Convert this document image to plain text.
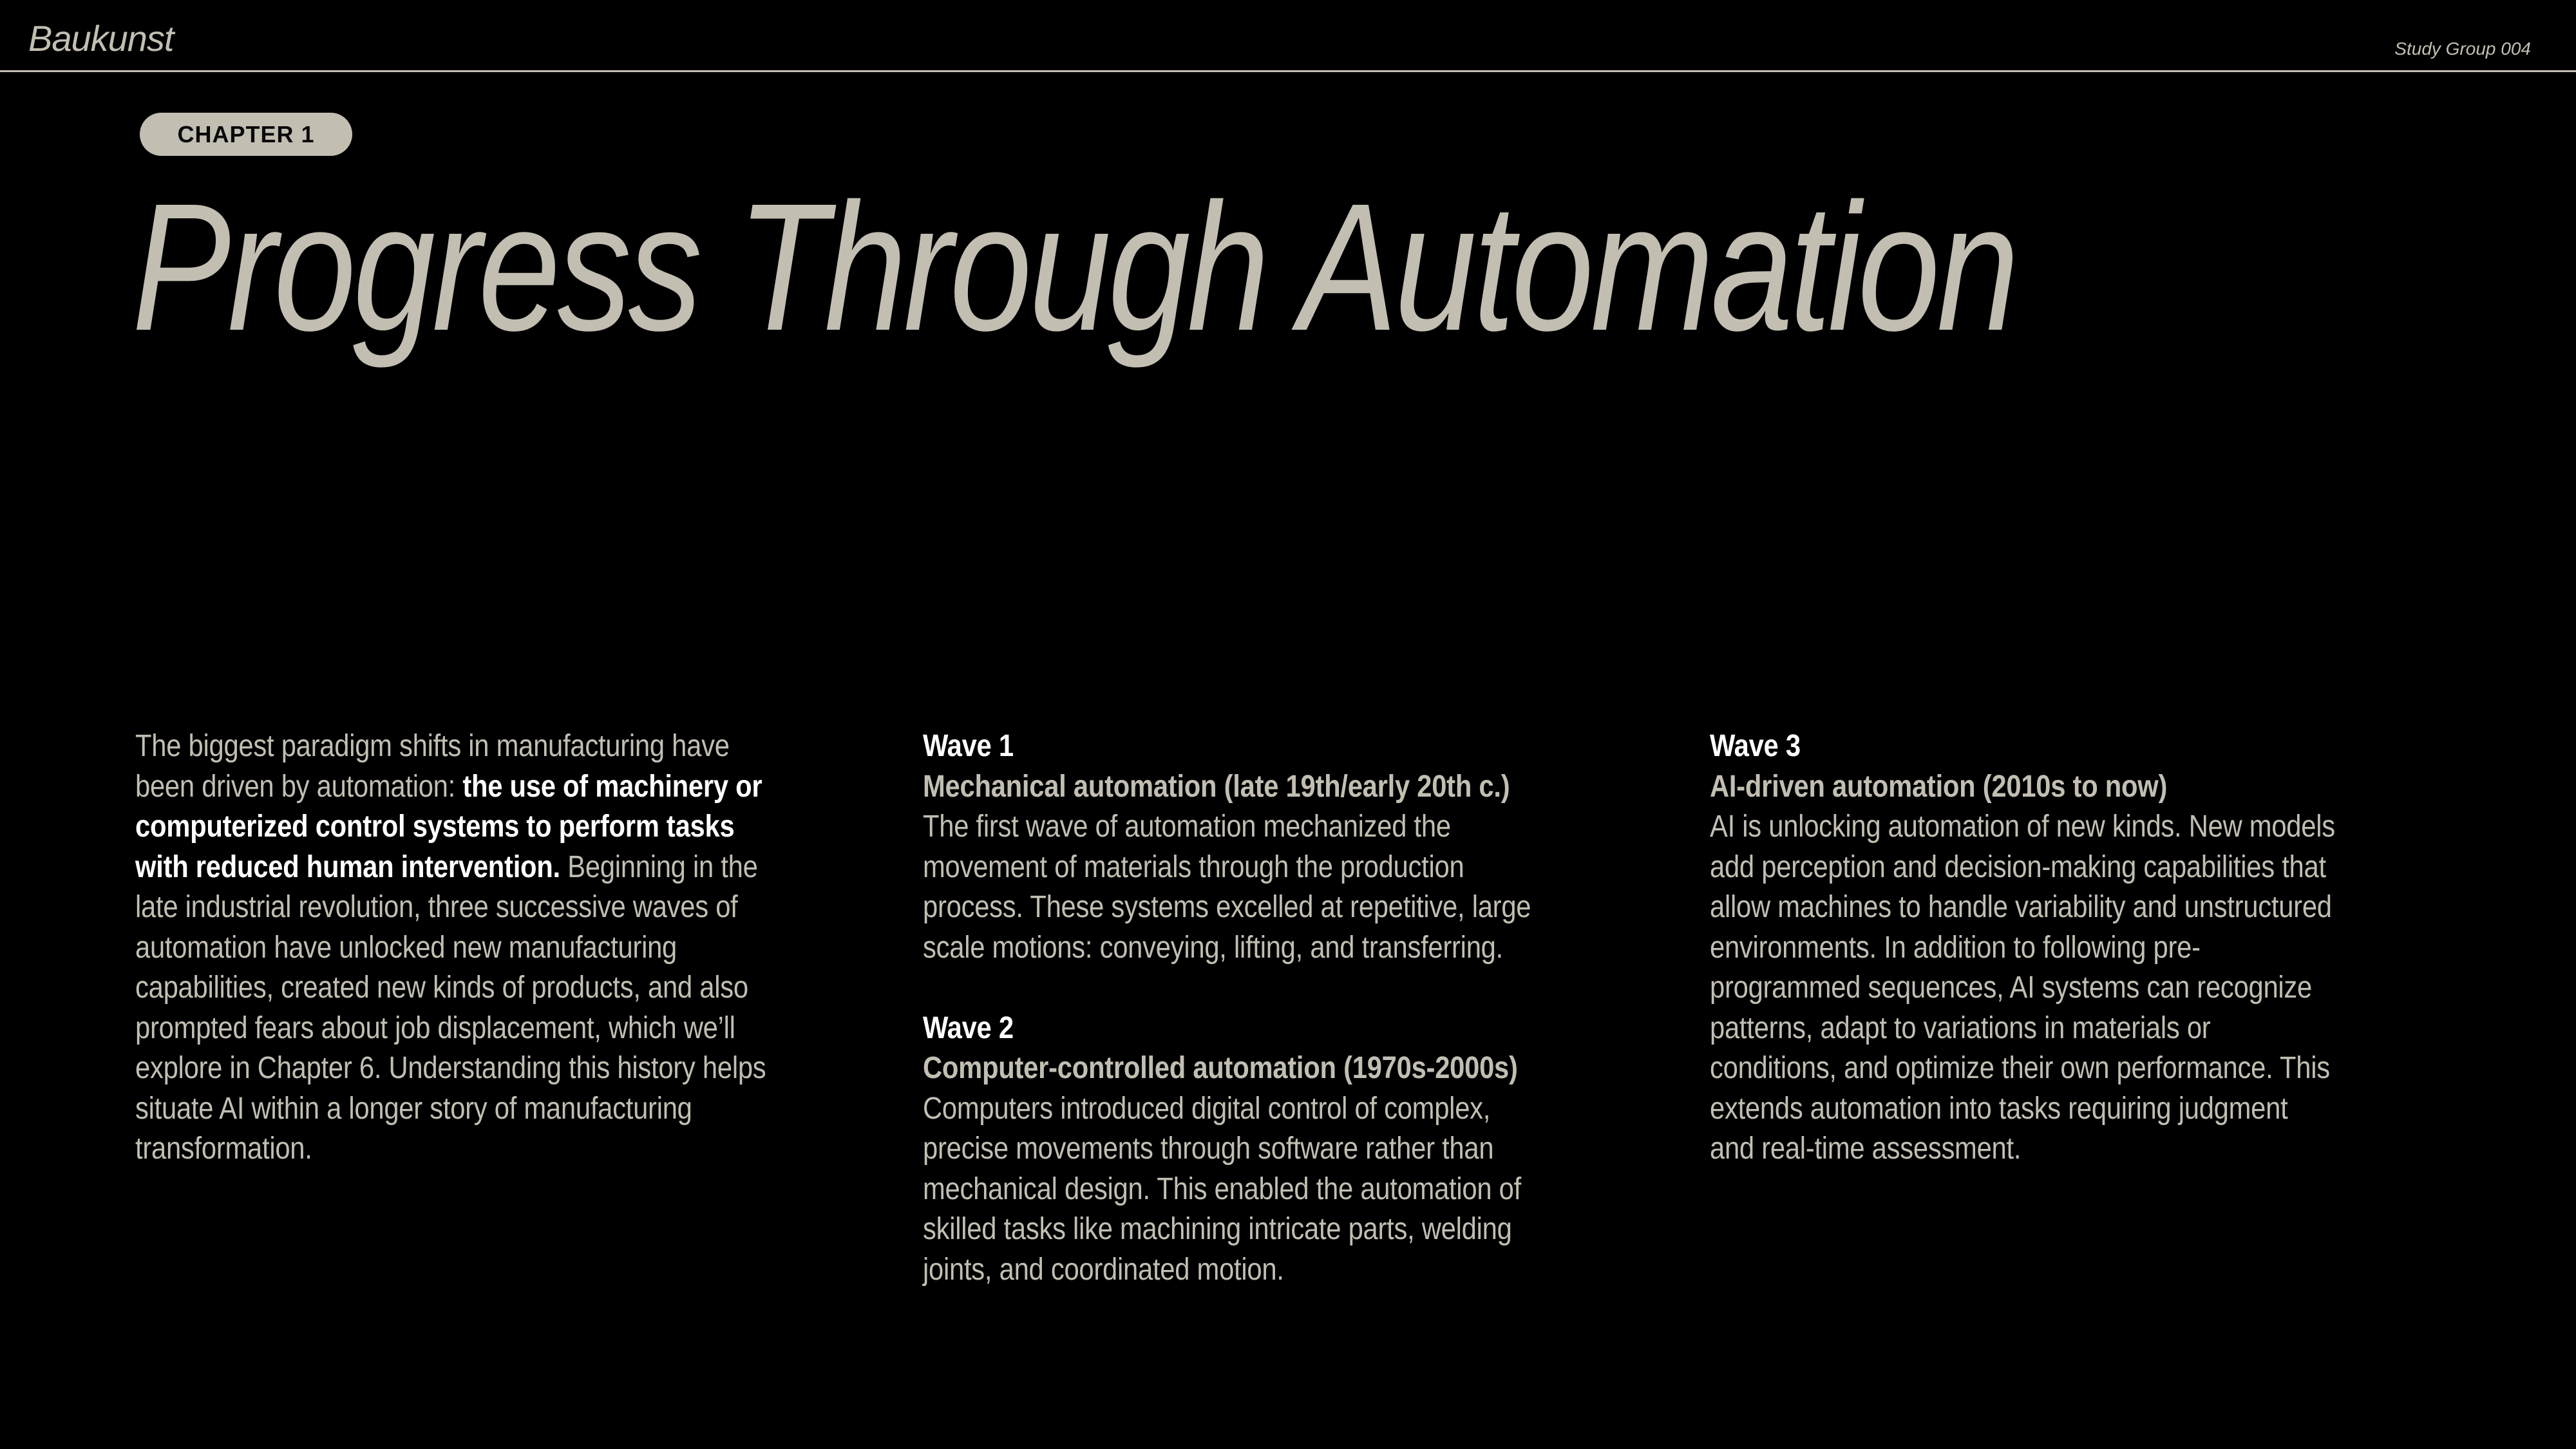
Baukunst	Study Group 004
CHAPTER 1
Progress Through Automation
The biggest paradigm shifts in manufacturing have
been driven by automation: the use of machinery or
computerized control systems to perform tasks
with reduced human intervention. Beginning in the
late industrial revolution, three successive waves of
automation have unlocked new manufacturing
capabilities, created new kinds of products, and also
prompted fears about job displacement, which we’ll
explore in Chapter 6. Understanding this history helps
situate AI within a longer story of manufacturing
transformation.
Wave 1
Mechanical automation (late 19th/early 20th c.)
The first wave of automation mechanized the
movement of materials through the production
process. These systems excelled at repetitive, large
scale motions: conveying, lifting, and transferring.
Wave 2
Computer-controlled automation (1970s-2000s)
Computers introduced digital control of complex,
precise movements through software rather than
mechanical design. This enabled the automation of
skilled tasks like machining intricate parts, welding
joints, and coordinated motion.
Wave 3
AI-driven automation (2010s to now)
AI is unlocking automation of new kinds. New models
add perception and decision-making capabilities that
allow machines to handle variability and unstructured
environments. In addition to following pre-
programmed sequences, AI systems can recognize
patterns, adapt to variations in materials or
conditions, and optimize their own performance. This
extends automation into tasks requiring judgment
and real-time assessment.
